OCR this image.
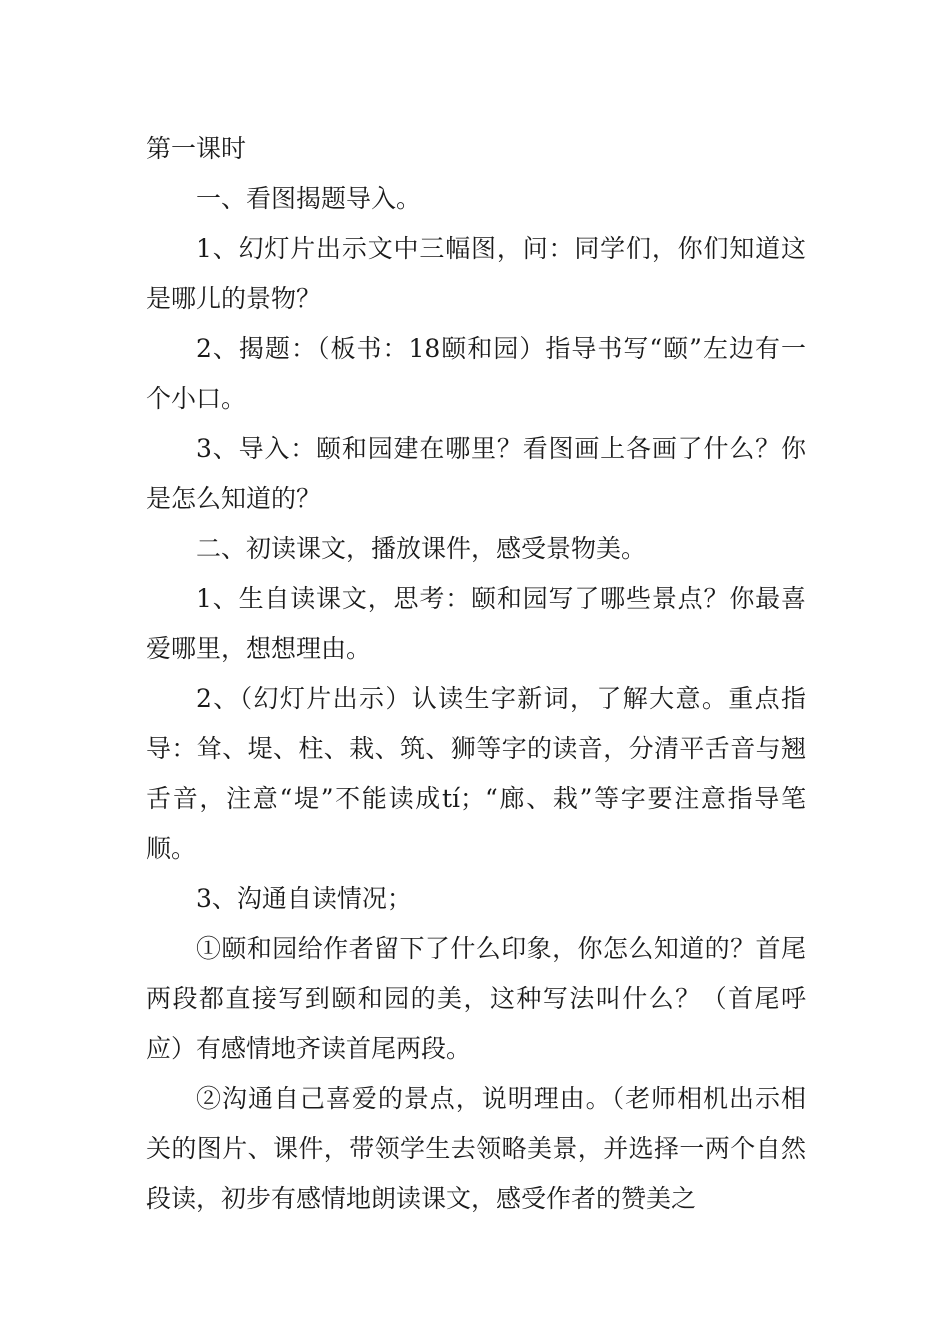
第一课时

一、看图揭题导入。

1、幻灯片出示文中三幅图，问：同学们，你们知道这是哪儿的景物？

2、揭题：（板书：18颐和园）指导书写“颐”左边有一个小口。

3、导入：颐和园建在哪里？看图画上各画了什么？你是怎么知道的？

二、初读课文，播放课件，感受景物美。

1、生自读课文，思考：颐和园写了哪些景点？你最喜爱哪里，想想理由。

2、（幻灯片出示）认读生字新词，了解大意。重点指导：耸、堤、柱、栽、筑、狮等字的读音，分清平舌音与翘舌音，注意“堤”不能读成tí；“廊、栽”等字要注意指导笔顺。

3、沟通自读情况；

①颐和园给作者留下了什么印象，你怎么知道的？首尾两段都直接写到颐和园的美，这种写法叫什么？（首尾呼应）有感情地齐读首尾两段。

②沟通自己喜爱的景点，说明理由。（老师相机出示相关的图片、课件，带领学生去领略美景，并选择一两个自然段读，初步有感情地朗读课文，感受作者的赞美之
